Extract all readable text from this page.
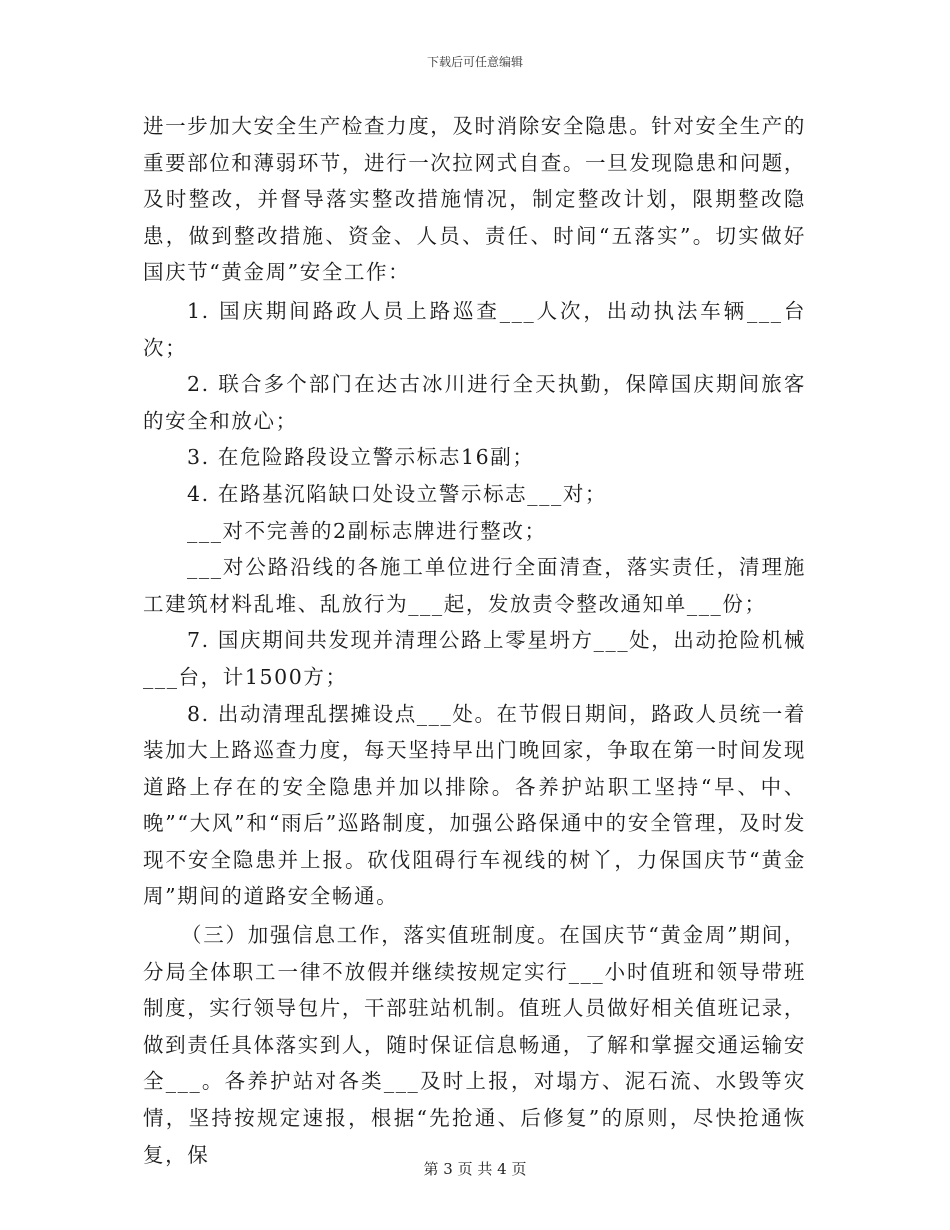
下载后可任意编辑

进一步加大安全生产检查力度，及时消除安全隐患。针对安全生产的重要部位和薄弱环节，进行一次拉网式自查。一旦发现隐患和问题，及时整改，并督导落实整改措施情况，制定整改计划，限期整改隐患，做到整改措施、资金、人员、责任、时间“五落实”。切实做好国庆节“黄金周”安全工作：

1. 国庆期间路政人员上路巡查___人次，出动执法车辆___台次；

2. 联合多个部门在达古冰川进行全天执勤，保障国庆期间旅客的安全和放心；

3. 在危险路段设立警示标志16副；

4. 在路基沉陷缺口处设立警示标志___对；

___对不完善的2副标志牌进行整改；

___对公路沿线的各施工单位进行全面清查，落实责任，清理施工建筑材料乱堆、乱放行为___起，发放责令整改通知单___份；

7. 国庆期间共发现并清理公路上零星坍方___处，出动抢险机械___台，计1500方；

8. 出动清理乱摆摊设点___处。在节假日期间，路政人员统一着装加大上路巡查力度，每天坚持早出门晚回家，争取在第一时间发现道路上存在的安全隐患并加以排除。各养护站职工坚持“早、中、晚”“大风”和“雨后”巡路制度，加强公路保通中的安全管理，及时发现不安全隐患并上报。砍伐阻碍行车视线的树丫，力保国庆节“黄金周”期间的道路安全畅通。

（三）加强信息工作，落实值班制度。在国庆节“黄金周”期间，分局全体职工一律不放假并继续按规定实行___小时值班和领导带班制度，实行领导包片，干部驻站机制。值班人员做好相关值班记录，做到责任具体落实到人，随时保证信息畅通，了解和掌握交通运输安全___。各养护站对各类___及时上报，对塌方、泥石流、水毁等灾情，坚持按规定速报，根据“先抢通、后修复”的原则，尽快抢通恢复，保

第 3 页 共 4 页
